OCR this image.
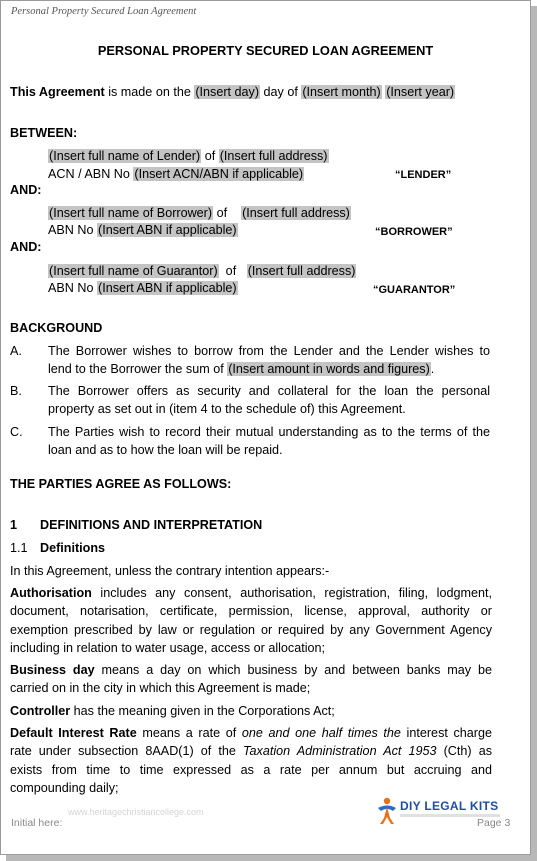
Personal Property Secured Loan Agreement
PERSONAL PROPERTY SECURED LOAN AGREEMENT
This Agreement is made on the (Insert day) day of (Insert month) (Insert year)
BETWEEN:
(Insert full name of Lender) of (Insert full address)
ACN / ABN No (Insert ACN/ABN if applicable)	“LENDER”
AND:
(Insert full name of Borrower) of    (Insert full address)
ABN No (Insert ABN if applicable)	“BORROWER”
AND:
(Insert full name of Guarantor)  of   (Insert full address)
ABN No (Insert ABN if applicable)	“GUARANTOR”
BACKGROUND
A. The Borrower wishes to borrow from the Lender and the Lender wishes to
lend to the Borrower the sum of (Insert amount in words and figures).
B. The Borrower offers as security and collateral for the loan the personal
property as set out in (item 4 to the schedule of) this Agreement.
C. The Parties wish to record their mutual understanding as to the terms of the
loan and as to how the loan will be repaid.
THE PARTIES AGREE AS FOLLOWS:
1 DEFINITIONS AND INTERPRETATION
1.1 Definitions
In this Agreement, unless the contrary intention appears:-
Authorisation includes any consent, authorisation, registration, filing, lodgment,
document, notarisation, certificate, permission, license, approval, authority or
exemption prescribed by law or regulation or required by any Government Agency
including in relation to water usage, access or allocation;
Business day means a day on which business by and between banks may be
carried on in the city in which this Agreement is made;
Controller has the meaning given in the Corporations Act;
Default Interest Rate means a rate of one and one half times the interest charge
rate under subsection 8AAD(1) of the Taxation Administration Act 1953 (Cth) as
exists from time to time expressed as a rate per annum but accruing and
compounding daily;
www.heritagechristiancollege.com
Initial here:
DIY LEGAL KITS
Page 3
